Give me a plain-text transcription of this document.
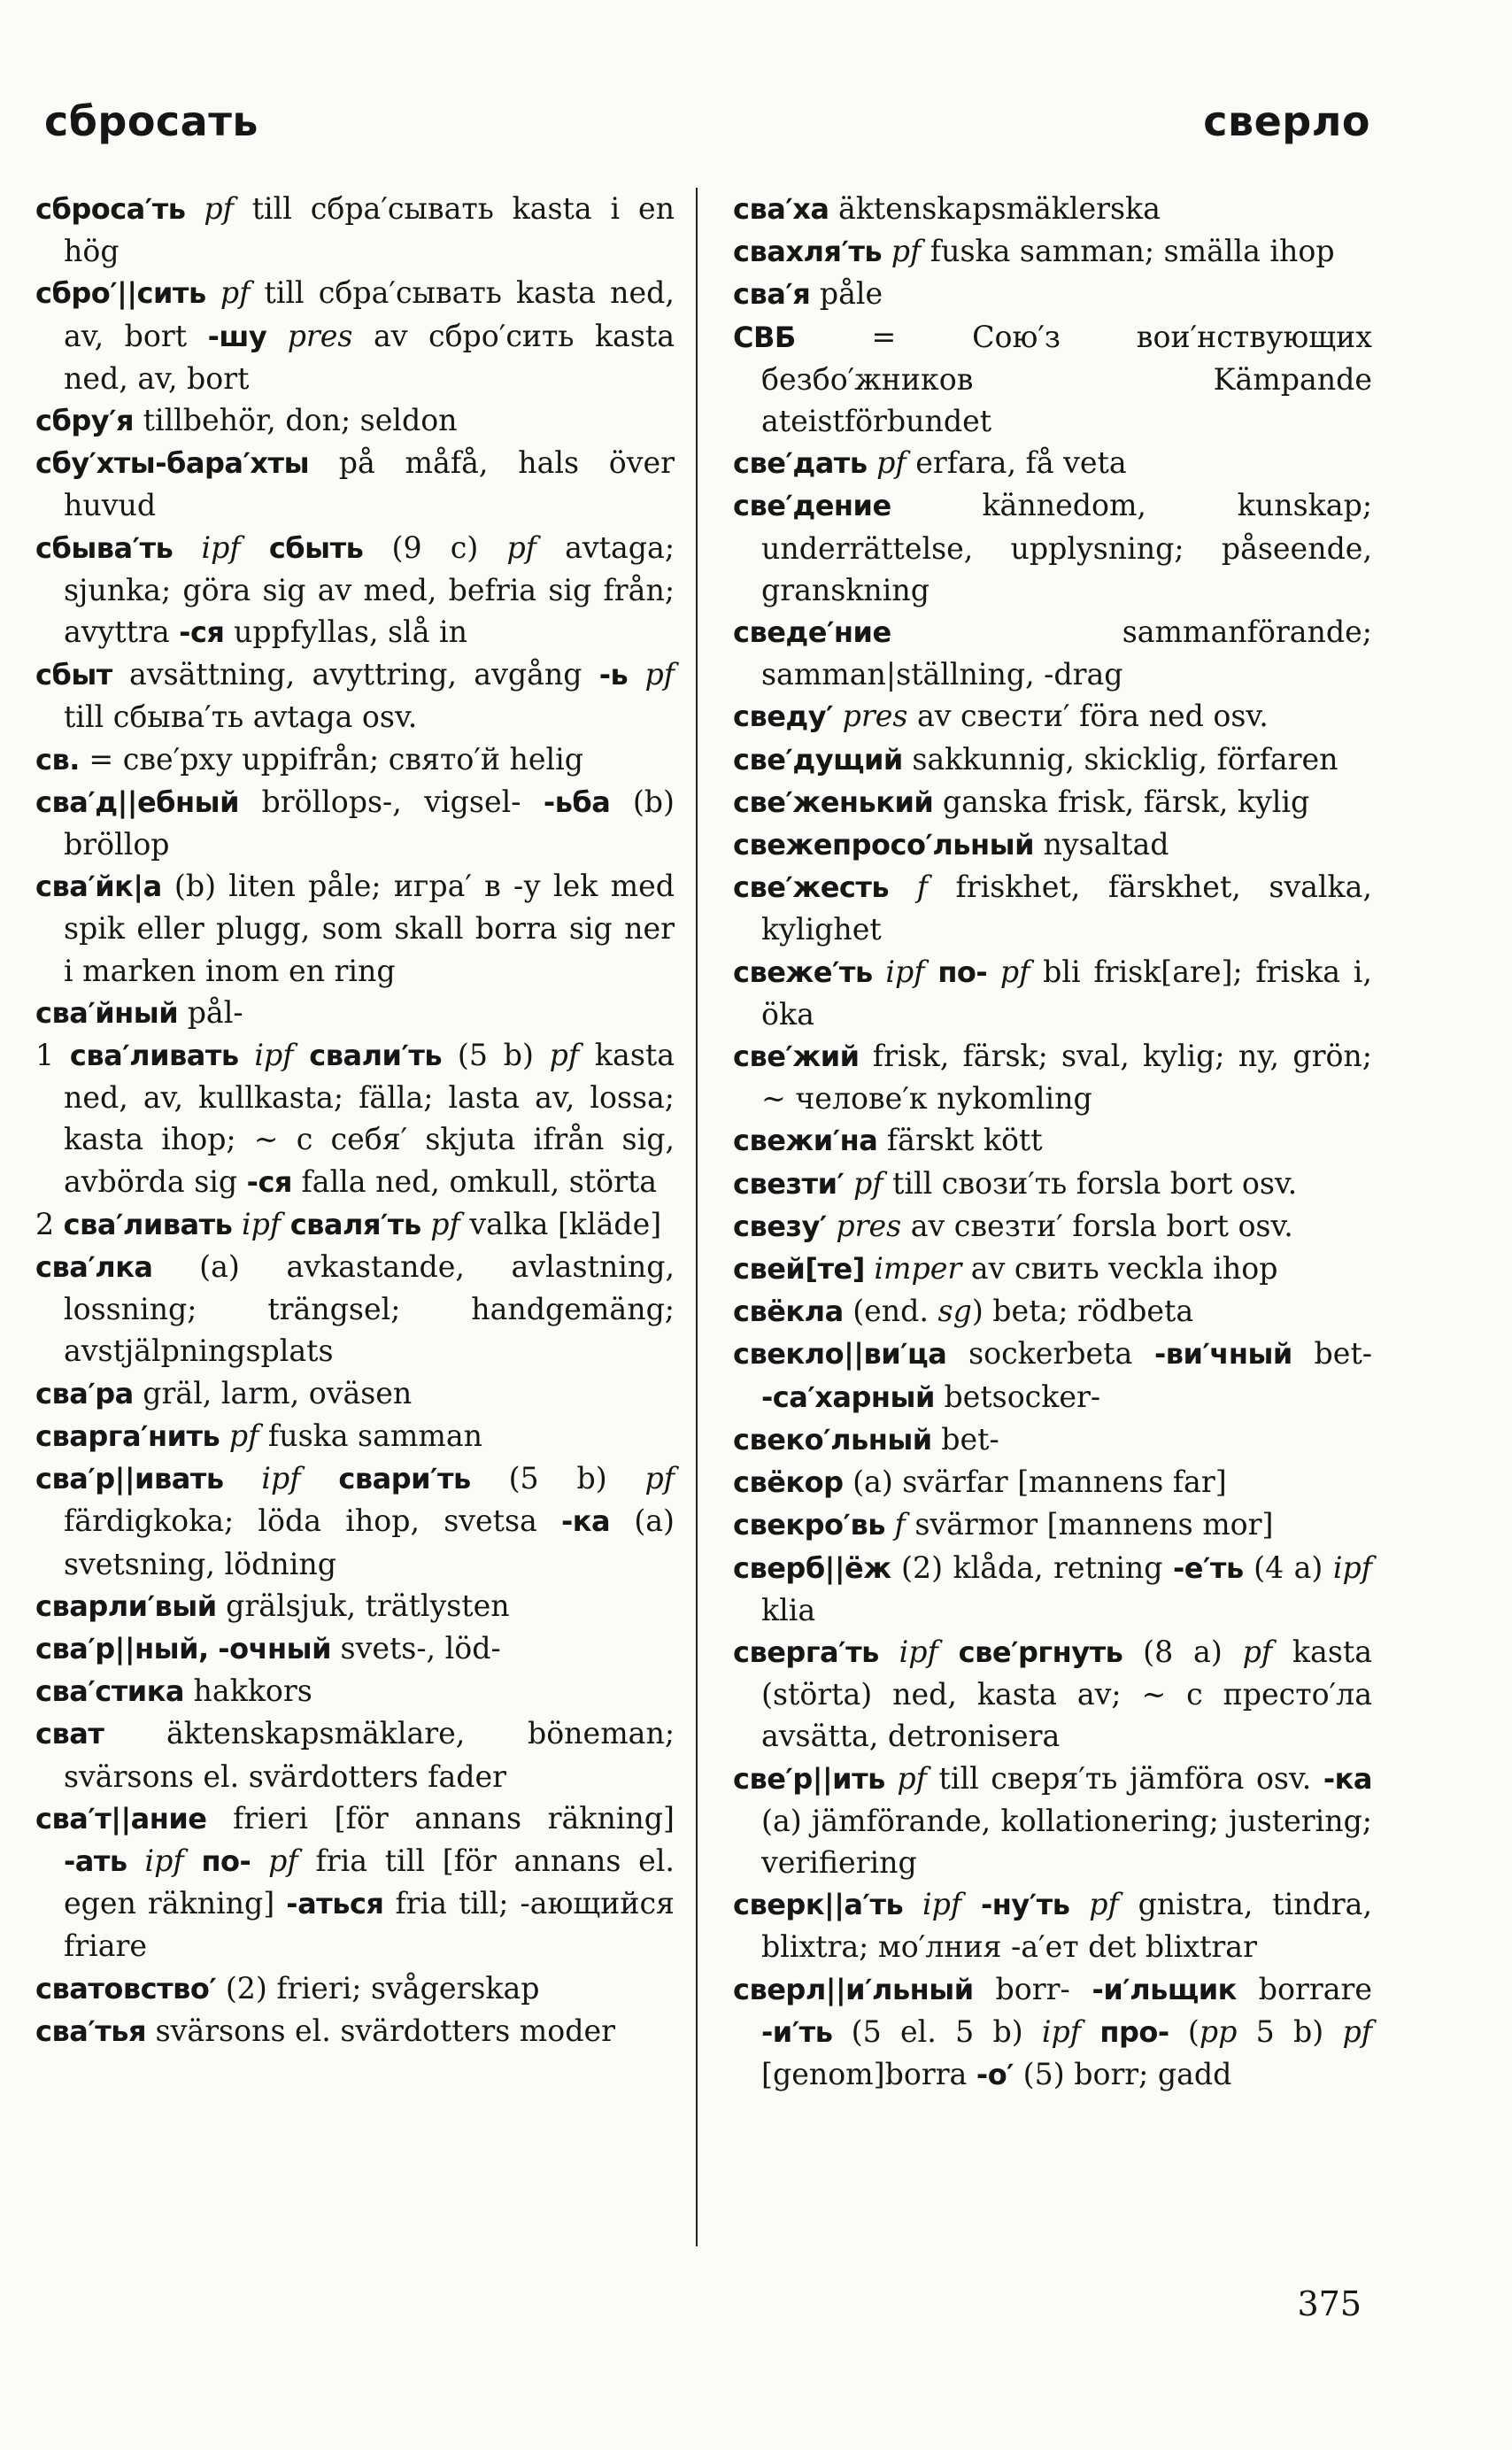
сбросать	сверло
сброса′ть pf till сбра′сывать kasta i en hög
сбро′||сить pf till сбра′сывать kasta ned, av, bort -шу pres av сбро′сить kasta ned, av, bort
сбру′я tillbehör, don; seldon
сбу′хты-бара′хты på måfå, hals över huvud
сбыва′ть ipf сбыть (9 c) pf avtaga; sjunka; göra sig av med, befria sig från; avyttra -ся uppfyllas, slå in
сбыт avsättning, avyttring, avgång -ь pf till сбыва′ть avtaga osv.
св. = све′рху uppifrån; свято′й helig
сва′д||ебный bröllops-, vigsel- -ьба (b) bröllop
сва′йк|а (b) liten påle; игра′ в -у lek med spik eller plugg, som skall borra sig ner i marken inom en ring
сва′йный pål-
1 сва′ливать ipf свали′ть (5 b) pf kasta ned, av, kullkasta; fälla; lasta av, lossa; kasta ihop; ~ с себя′ skjuta ifrån sig, avbörda sig -ся falla ned, omkull, störta
2 сва′ливать ipf сваля′ть pf valka [kläde]
сва′лка (a) avkastande, avlastning, lossning; trängsel; handgemäng; avstjälpningsplats
сва′ра gräl, larm, oväsen
сварга′нить pf fuska samman
сва′р||ивать ipf свари′ть (5 b) pf färdigkoka; löda ihop, svetsa -ка (a) svetsning, lödning
сварли′вый grälsjuk, trätlysten
сва′р||ный, -очный svets-, löd-
сва′стика hakkors
сват äktenskapsmäklare, böneman; svärsons el. svärdotters fader
сва′т||ание frieri [för annans räkning] -ать ipf по- pf fria till [för annans el. egen räkning] -аться fria till; -ающийся friare
сватовство′ (2) frieri; svågerskap
сва′тья svärsons el. svärdotters moder
сва′ха äktenskapsmäklerska
свахля′ть pf fuska samman; smälla ihop
сва′я påle
СВБ = Сою′з вои′нствующих безбо′жников Kämpande ateistförbundet
све′дать pf erfara, få veta
све′дение kännedom, kunskap; underrättelse, upplysning; påseende, granskning
сведе′ние sammanförande; samman|ställning, -drag
сведу′ pres av свести′ föra ned osv.
све′дущий sakkunnig, skicklig, förfaren
све′женький ganska frisk, färsk, kylig
свежепросо′льный nysaltad
све′жесть f friskhet, färskhet, svalka, kylighet
свеже′ть ipf по- pf bli frisk[are]; friska i, öka
све′жий frisk, färsk; sval, kylig; ny, grön; ~ челове′к nykomling
свежи′на färskt kött
свезти′ pf till свози′ть forsla bort osv.
свезу′ pres av свезти′ forsla bort osv.
свей[те] imper av свить veckla ihop
свёкла (end. sg) beta; rödbeta
свекло||ви′ца sockerbeta -ви′чный bet- -са′харный betsocker-
свеко′льный bet-
свёкор (a) svärfar [mannens far]
свекро′вь f svärmor [mannens mor]
сверб||ёж (2) klåda, retning -е′ть (4 a) ipf klia
сверга′ть ipf све′ргнуть (8 a) pf kasta (störta) ned, kasta av; ~ с престо′ла avsätta, detronisera
све′р||ить pf till сверя′ть jämföra osv. -ка (a) jämförande, kollationering; justering; verifiering
сверк||а′ть ipf -ну′ть pf gnistra, tindra, blixtra; мо′лния -а′ет det blixtrar
сверл||и′льный borr- -и′льщик borrare -и′ть (5 el. 5 b) ipf про- (pp 5 b) pf [genom]borra -о′ (5) borr; gadd
375
